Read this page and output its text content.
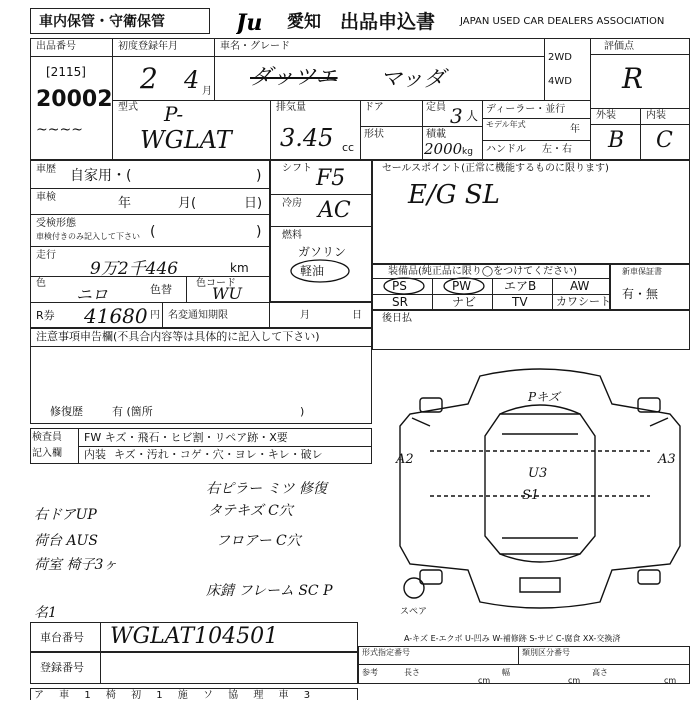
車内保管・守衛保管	Ju 愛知 出品申込書 JAPAN USED CAR DEALERS ASSOCIATION
出品番号
[2115]
20002
~~~~
初度登録年月
2 4 月
車名・グレード
ダッツエ マッダ
2WD
4WD
評価点
R
型式 P-
WGLAT
排気量
3.45 cc
ドア
形状
定員 3 人
積載
2000 kg
ディーラー・並行
モデル年式	年
ハンドル 左・右
外装	内装
B C
車歴 自家用・(	)
車検	年	月(	日)
受検形態
車検付きのみ記入して下さい (	)
走行
9万2千446	km
色
ニロ	色替 色コード
WU
R券 41680 円 名変通知期限	月	日
シフト F5
冷房 AC
燃料
ガソリン
軽油
セールスポイント(正常に機能するものに限ります)
E/G SL
装備品(純正品に限り◯をつけてください)
PS	PW	エアB	AW
SR	ナビ	TV	カワシート
新車保証書
有・無
後日払
注意事項申告欄(不具合内容等は具体的に記入して下さい)
修復歴	有 (箇所	)
検査員
記入欄
FW キズ・飛石・ヒビ割・リペア跡・X要
内装 キズ・汚れ・コゲ・穴・ヨレ・キレ・破レ
右ピラー ミツ 修復
右ドアUP	タテキズ C穴
荷台 AUS	フロアー C穴
荷室 椅子3ヶ
床錆 フレーム SC P
名1
Pキズ
A2	A3
U3
S1
スペア
A-キズ E-エクボ U-凹み W-補修跡 S-サビ C-腐食 XX-交換済
車台番号 WGLAT104501
登録番号
形式指定番号	類別区分番号
参考	長さ	幅	高さ
cm	cm	cm
ア 車 1 椅 初 1 施 ソ 協 理 車 3
